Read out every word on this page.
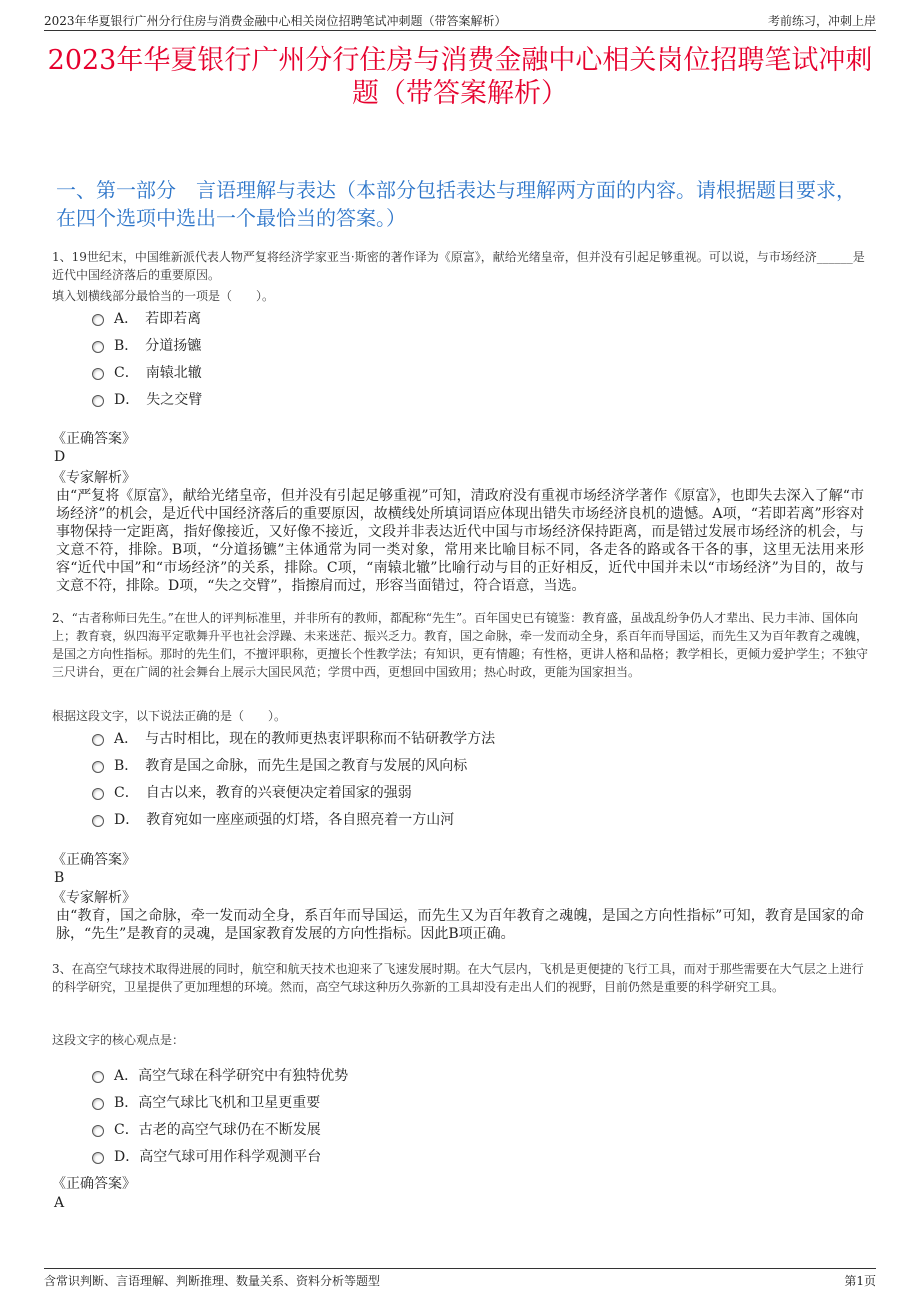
2023年华夏银行广州分行住房与消费金融中心相关岗位招聘笔试冲刺题（带答案解析）	考前练习，冲刺上岸
2023年华夏银行广州分行住房与消费金融中心相关岗位招聘笔试冲刺题（带答案解析）
一、第一部分　言语理解与表达（本部分包括表达与理解两方面的内容。请根据题目要求，在四个选项中选出一个最恰当的答案。）
1、19世纪末，中国维新派代表人物严复将经济学家亚当·斯密的著作译为《原富》，献给光绪皇帝，但并没有引起足够重视。可以说，与市场经济______是近代中国经济落后的重要原因。
填入划横线部分最恰当的一项是（　　）。
A．　若即若离
B．　分道扬镳
C．　南辕北辙
D．　失之交臂
《正确答案》
D
《专家解析》
由“严复将《原富》，献给光绪皇帝，但并没有引起足够重视”可知，清政府没有重视市场经济学著作《原富》，也即失去深入了解“市场经济”的机会，是近代中国经济落后的重要原因，故横线处所填词语应体现出错失市场经济良机的遗憾。A项，“若即若离”形容对事物保持一定距离，指好像接近，又好像不接近，文段并非表达近代中国与市场经济保持距离，而是错过发展市场经济的机会，与文意不符，排除。B项，“分道扬镳”主体通常为同一类对象，常用来比喻目标不同，各走各的路或各干各的事，这里无法用来形容“近代中国”和“市场经济”的关系，排除。C项，“南辕北辙”比喻行动与目的正好相反，近代中国并未以“市场经济”为目的，故与文意不符，排除。D项，“失之交臂”，指擦肩而过，形容当面错过，符合语意，当选。
2、“古者称师曰先生。”在世人的评判标准里，并非所有的教师，都配称“先生”。百年国史已有镜鉴：教育盛，虽战乱纷争仍人才辈出、民力丰沛、国体向上；教育衰，纵四海平定歌舞升平也社会浮躁、未来迷茫、振兴乏力。教育，国之命脉，牵一发而动全身，系百年而导国运，而先生又为百年教育之魂魄，是国之方向性指标。那时的先生们，不擅评职称，更擅长个性教学法；有知识，更有情趣；有性格，更讲人格和品格；教学相长，更倾力爱护学生；不独守三尺讲台，更在广阔的社会舞台上展示大国民风范；学贯中西，更想回中国致用；热心时政，更能为国家担当。
根据这段文字，以下说法正确的是（　　）。
A．　与古时相比，现在的教师更热衷评职称而不钻研教学方法
B．　教育是国之命脉，而先生是国之教育与发展的风向标
C．　自古以来，教育的兴衰便决定着国家的强弱
D．　教育宛如一座座顽强的灯塔，各自照亮着一方山河
《正确答案》
B
《专家解析》
由“教育，国之命脉，牵一发而动全身，系百年而导国运，而先生又为百年教育之魂魄，是国之方向性指标”可知，教育是国家的命脉，“先生”是教育的灵魂，是国家教育发展的方向性指标。因此B项正确。
3、在高空气球技术取得进展的同时，航空和航天技术也迎来了飞速发展时期。在大气层内，飞机是更便捷的飞行工具，而对于那些需要在大气层之上进行的科学研究，卫星提供了更加理想的环境。然而，高空气球这种历久弥新的工具却没有走出人们的视野，目前仍然是重要的科学研究工具。
这段文字的核心观点是：
A．高空气球在科学研究中有独特优势
B．高空气球比飞机和卫星更重要
C．古老的高空气球仍在不断发展
D．高空气球可用作科学观测平台
《正确答案》
A
含常识判断、言语理解、判断推理、数量关系、资料分析等题型	第1页
